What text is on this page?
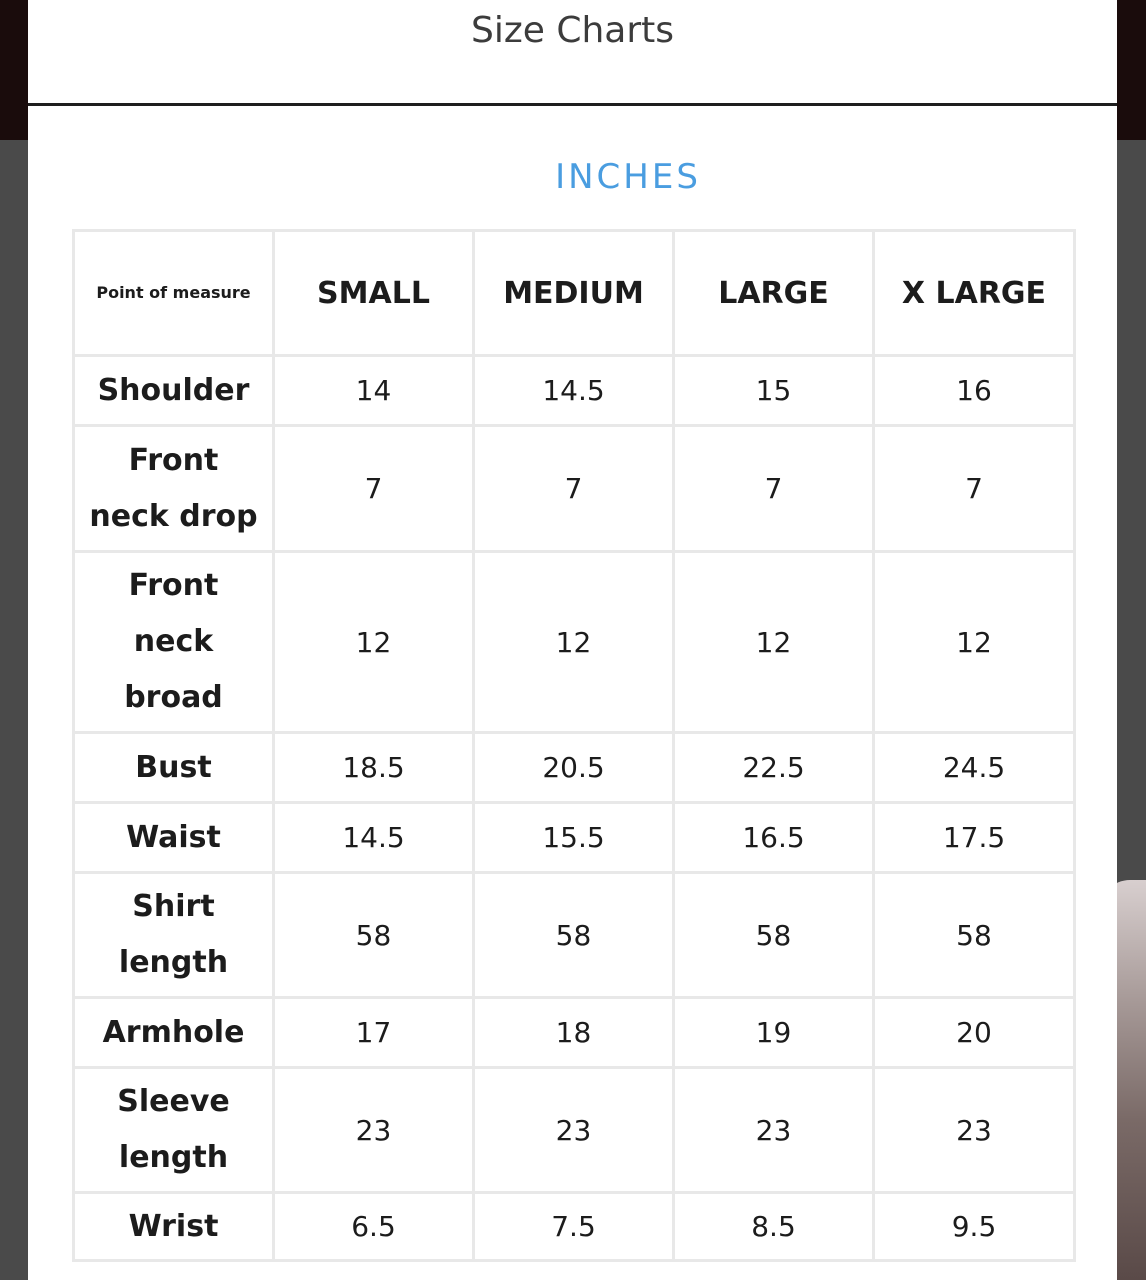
Size Charts
INCHES
Point of measure	SMALL	MEDIUM	LARGE	X LARGE
Shoulder	14	14.5	15	16
Front neck drop	7	7	7	7
Front neck broad	12	12	12	12
Bust	18.5	20.5	22.5	24.5
Waist	14.5	15.5	16.5	17.5
Shirt length	58	58	58	58
Armhole	17	18	19	20
Sleeve length	23	23	23	23
Wrist	6.5	7.5	8.5	9.5
